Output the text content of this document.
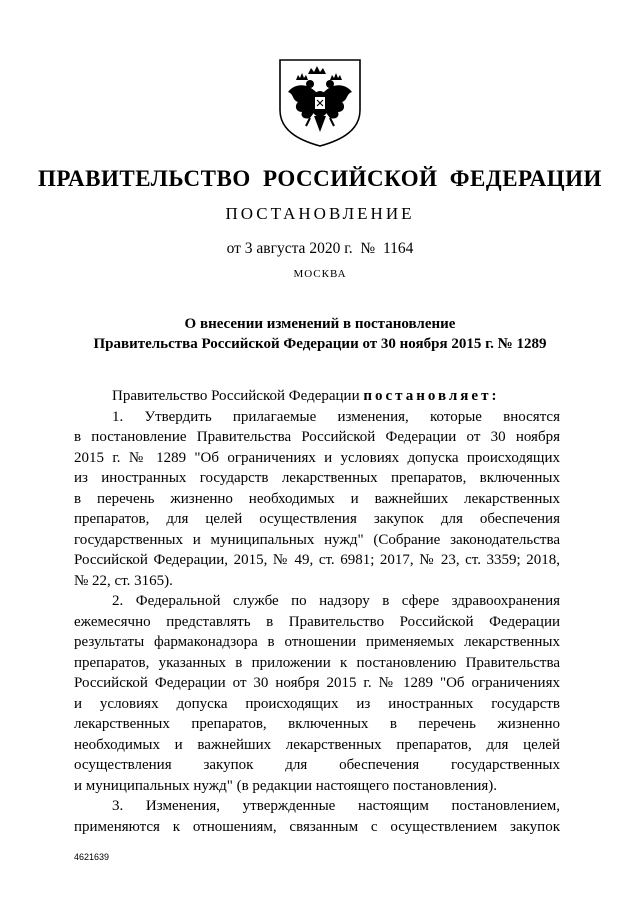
ПРАВИТЕЛЬСТВО РОССИЙСКОЙ ФЕДЕРАЦИИ
ПОСТАНОВЛЕНИЕ
от 3 августа 2020 г.  №  1164
МОСКВА
О внесении изменений в постановление
Правительства Российской Федерации от 30 ноября 2015 г. № 1289
Правительство Российской Федерации постановляет:
1. Утвердить прилагаемые изменения, которые вносятся
в постановление Правительства Российской Федерации от 30 ноября
2015 г. № 1289 "Об ограничениях и условиях допуска происходящих
из иностранных государств лекарственных препаратов, включенных
в перечень жизненно необходимых и важнейших лекарственных
препаратов, для целей осуществления закупок для обеспечения
государственных и муниципальных нужд" (Собрание законодательства
Российской Федерации, 2015, № 49, ст. 6981; 2017, № 23, ст. 3359; 2018,
№ 22, ст. 3165).
2. Федеральной службе по надзору в сфере здравоохранения
ежемесячно представлять в Правительство Российской Федерации
результаты фармаконадзора в отношении применяемых лекарственных
препаратов, указанных в приложении к постановлению Правительства
Российской Федерации от 30 ноября 2015 г. № 1289 "Об ограничениях
и условиях допуска происходящих из иностранных государств
лекарственных препаратов, включенных в перечень жизненно
необходимых и важнейших лекарственных препаратов, для целей
осуществления закупок для обеспечения государственных
и муниципальных нужд" (в редакции настоящего постановления).
3. Изменения, утвержденные настоящим постановлением,
применяются к отношениям, связанным с осуществлением закупок
4621639
